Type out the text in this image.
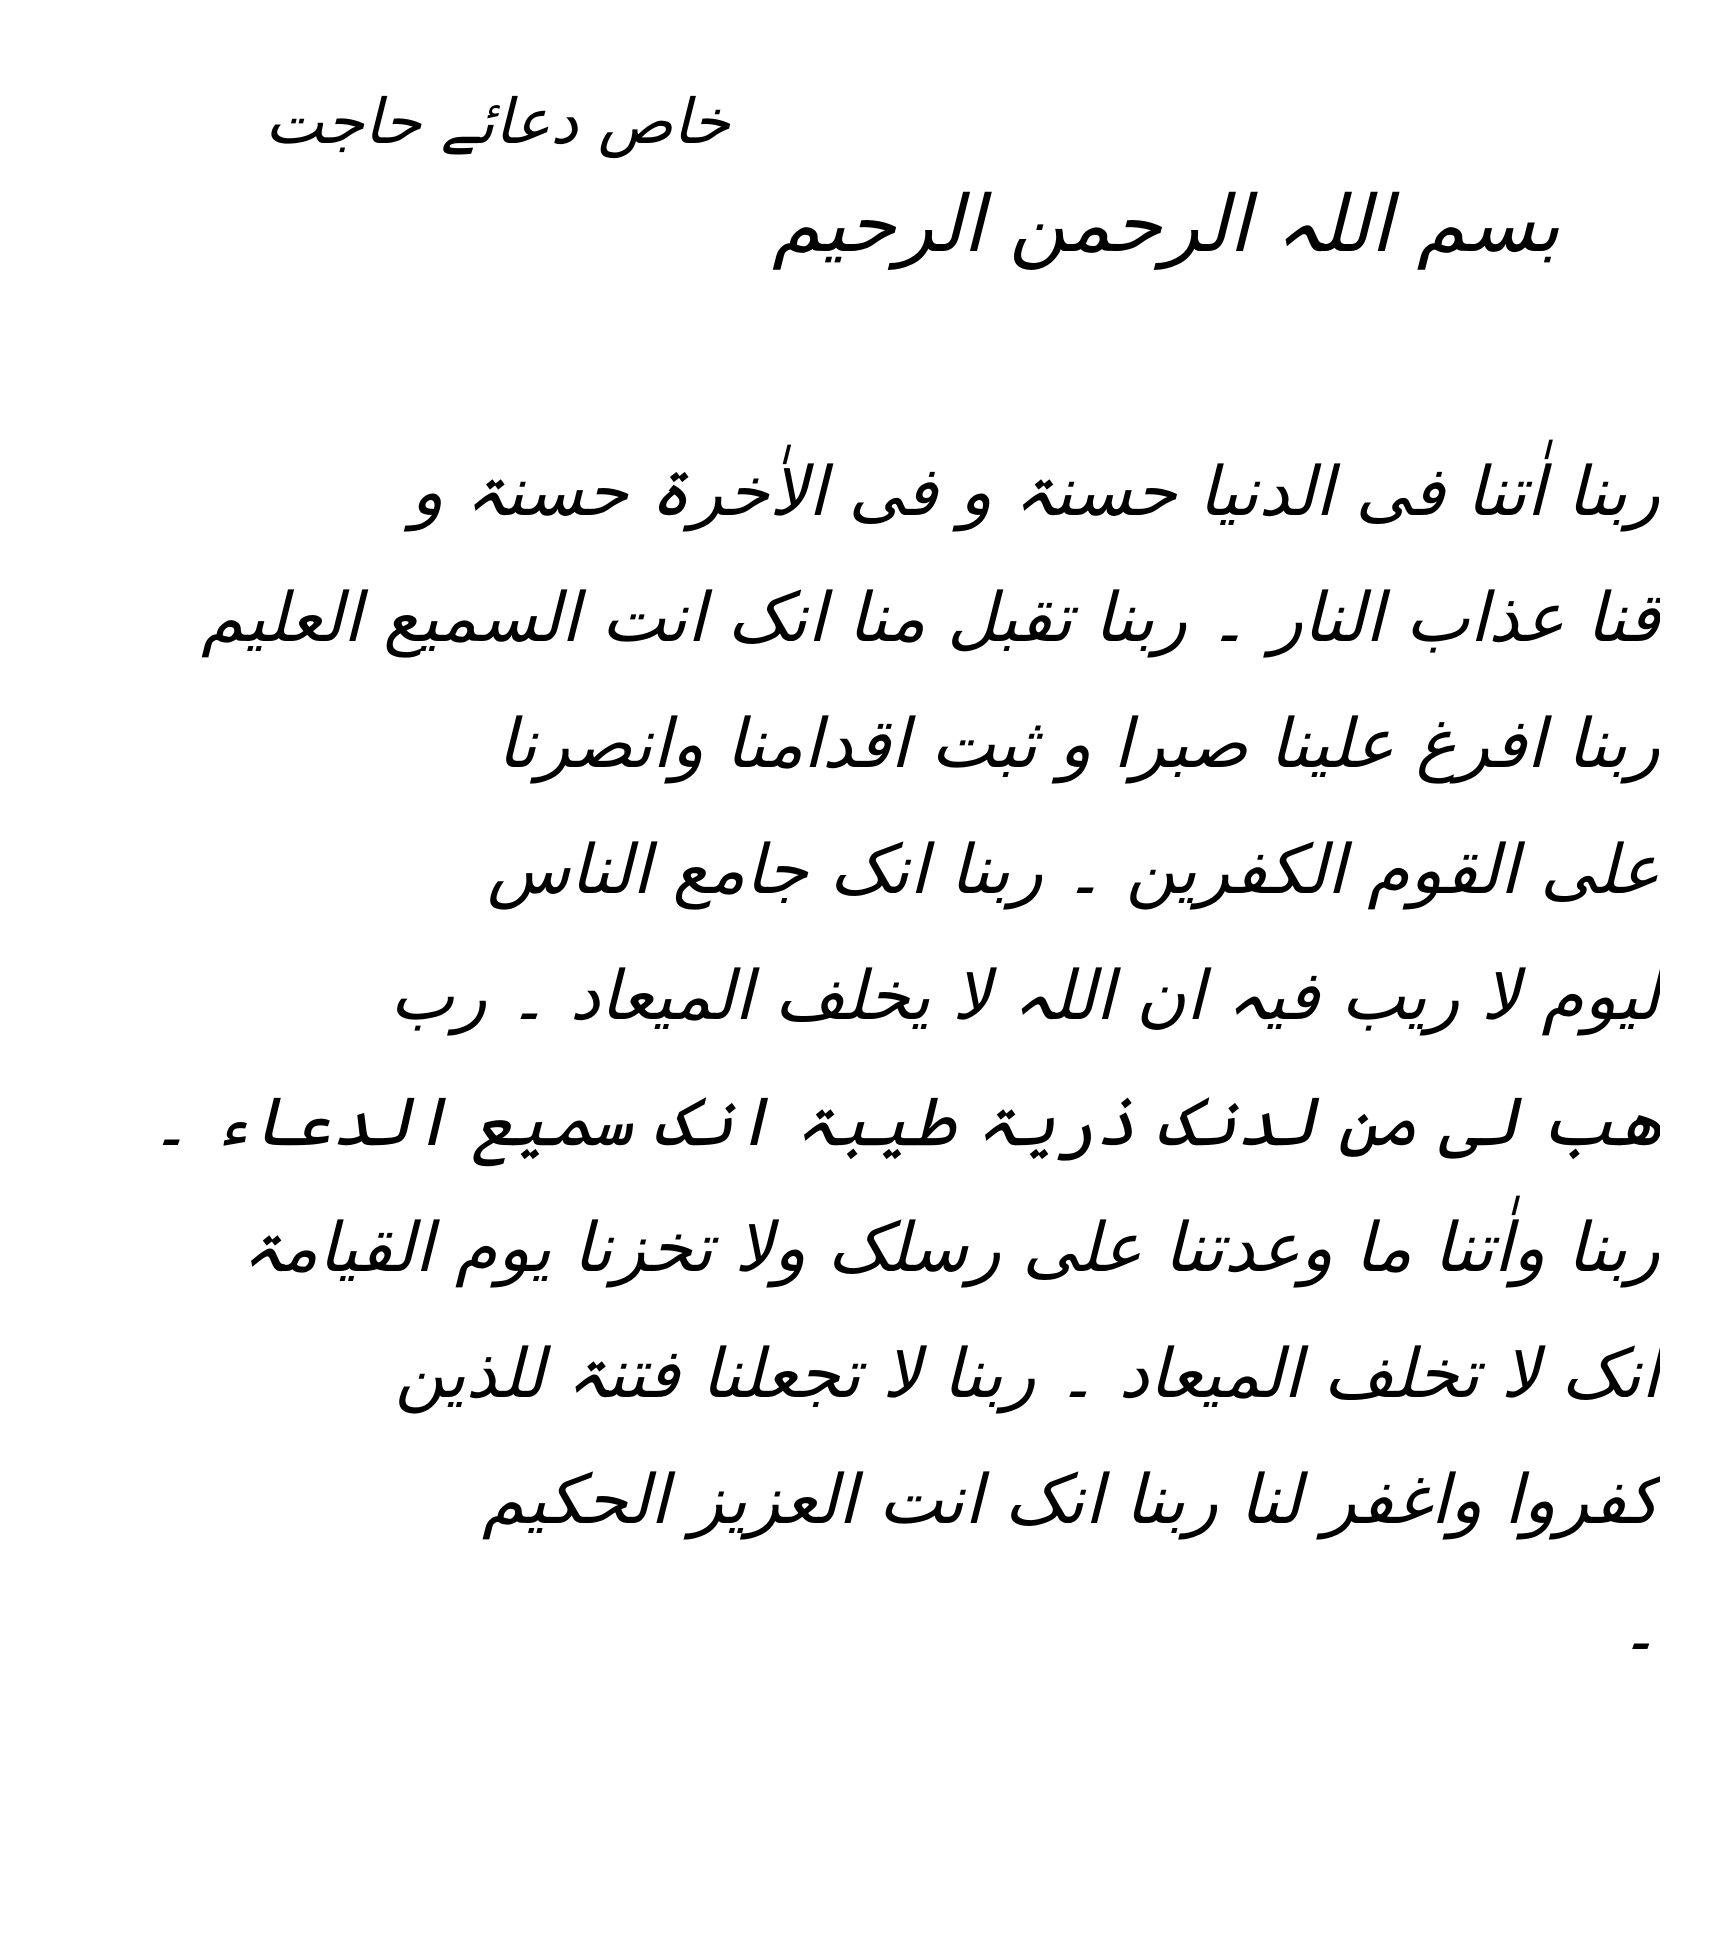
خاص دعائے حاجت
بسم اللہ الرحمن الرحیم
ربنا اٰتنا فی الدنیا حسنۃ و فی الاٰخرۃ حسنۃ و
قنا عذاب النار ۔ ربنا تقبل منا انک انت السمیع العلیم
ربنا افرغ علینا صبرا و ثبت اقدامنا وانصرنا
علی القوم الکفرین ۔ ربنا انک جامع الناس
لیوم لا ریب فیہ ان اللہ لا یخلف المیعاد ۔ رب
ھب لی من لدنک ذریۃ طیبۃ انک سمیع الدعاء ۔
ربنا واٰتنا ما وعدتنا علی رسلک ولا تخزنا یوم القیامۃ
انک لا تخلف المیعاد ۔ ربنا لا تجعلنا فتنۃ للذین
کفروا واغفر لنا ربنا انک انت العزیز الحکیم
۔
